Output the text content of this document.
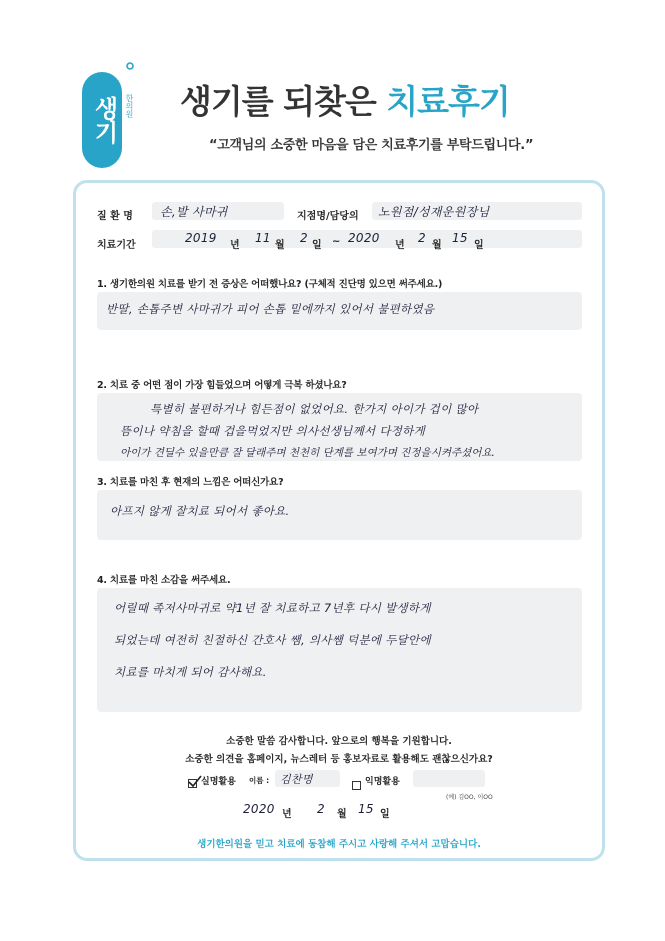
생기 한의원 생기를 되찾은 치료후기
“고객님의 소중한 마음을 담은 치료후기를 부탁드립니다.”
질 환 명 손,발 사마귀	지점명/담당의 노원점/성재운원장님
치료기간
2019
년
11
월
2
일 ~ 2020
년
2
월
15
일
1. 생기한의원 치료를 받기 전 증상은 어떠했나요? (구체적 진단명 있으면 써주세요.)
반딸, 손톱주변 사마귀가 피어 손톱 밑에까지 있어서 불편하였음
2. 치료 중 어떤 점이 가장 힘들었으며 어떻게 극복 하셨나요?
특별히 불편하거나 힘든점이 없었어요. 한가지 아이가 겁이 많아
뜸이나 약침을 할때 겁을먹었지만 의사선생님께서 다정하게
아이가 견딜수 있을만큼 잘 달래주며 천천히 단계를 보여가며 진정을시켜주셨어요.
3. 치료를 마친 후 현재의 느낌은 어떠신가요?
아프지 않게 잘치료 되어서 좋아요.
4. 치료를 마친 소감을 써주세요.
어릴때 족저사마귀로 약1년 잘 치료하고 7년후 다시 발생하게
되었는데 여전히 친절하신 간호사 쌤, 의사쌤 덕분에 두달안에
치료를 마치게 되어 감사해요.
소중한 말씀 감사합니다. 앞으로의 행복을 기원합니다.
소중한 의견을 홈페이지, 뉴스레터 등 홍보자료로 활용해도 괜찮으신가요?
실명활용 이름 : 김찬명	익명활용
(예) 김OO, 이OO
2020 년 2 월 15 일
생기한의원을 믿고 치료에 동참해 주시고 사랑해 주셔서 고맙습니다.
